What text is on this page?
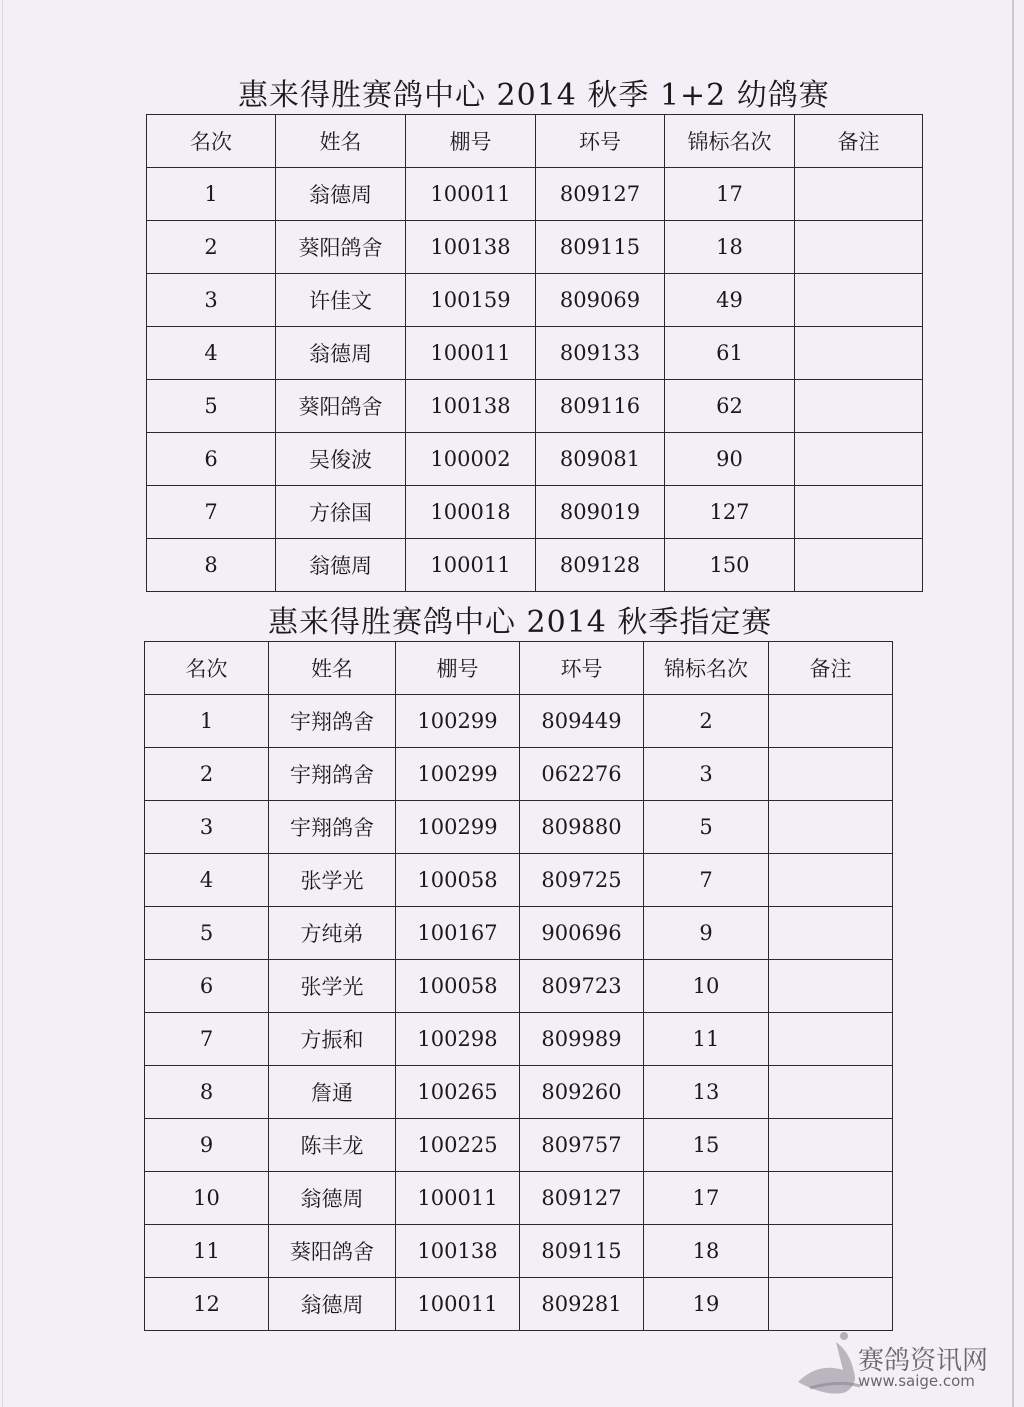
惠来得胜赛鸽中心 2014 秋季 1+2 幼鸽赛
名次	姓名	棚号	环号	锦标名次	备注
1	翁德周	100011	809127	17	
2	葵阳鸽舍	100138	809115	18	
3	许佳文	100159	809069	49	
4	翁德周	100011	809133	61	
5	葵阳鸽舍	100138	809116	62	
6	吴俊波	100002	809081	90	
7	方徐国	100018	809019	127	
8	翁德周	100011	809128	150	
惠来得胜赛鸽中心 2014 秋季指定赛
名次	姓名	棚号	环号	锦标名次	备注
1	宇翔鸽舍	100299	809449	2	
2	宇翔鸽舍	100299	062276	3	
3	宇翔鸽舍	100299	809880	5	
4	张学光	100058	809725	7	
5	方纯弟	100167	900696	9	
6	张学光	100058	809723	10	
7	方振和	100298	809989	11	
8	詹通	100265	809260	13	
9	陈丰龙	100225	809757	15	
10	翁德周	100011	809127	17	
11	葵阳鸽舍	100138	809115	18	
12	翁德周	100011	809281	19	
赛鸽资讯网
www.saige.com
